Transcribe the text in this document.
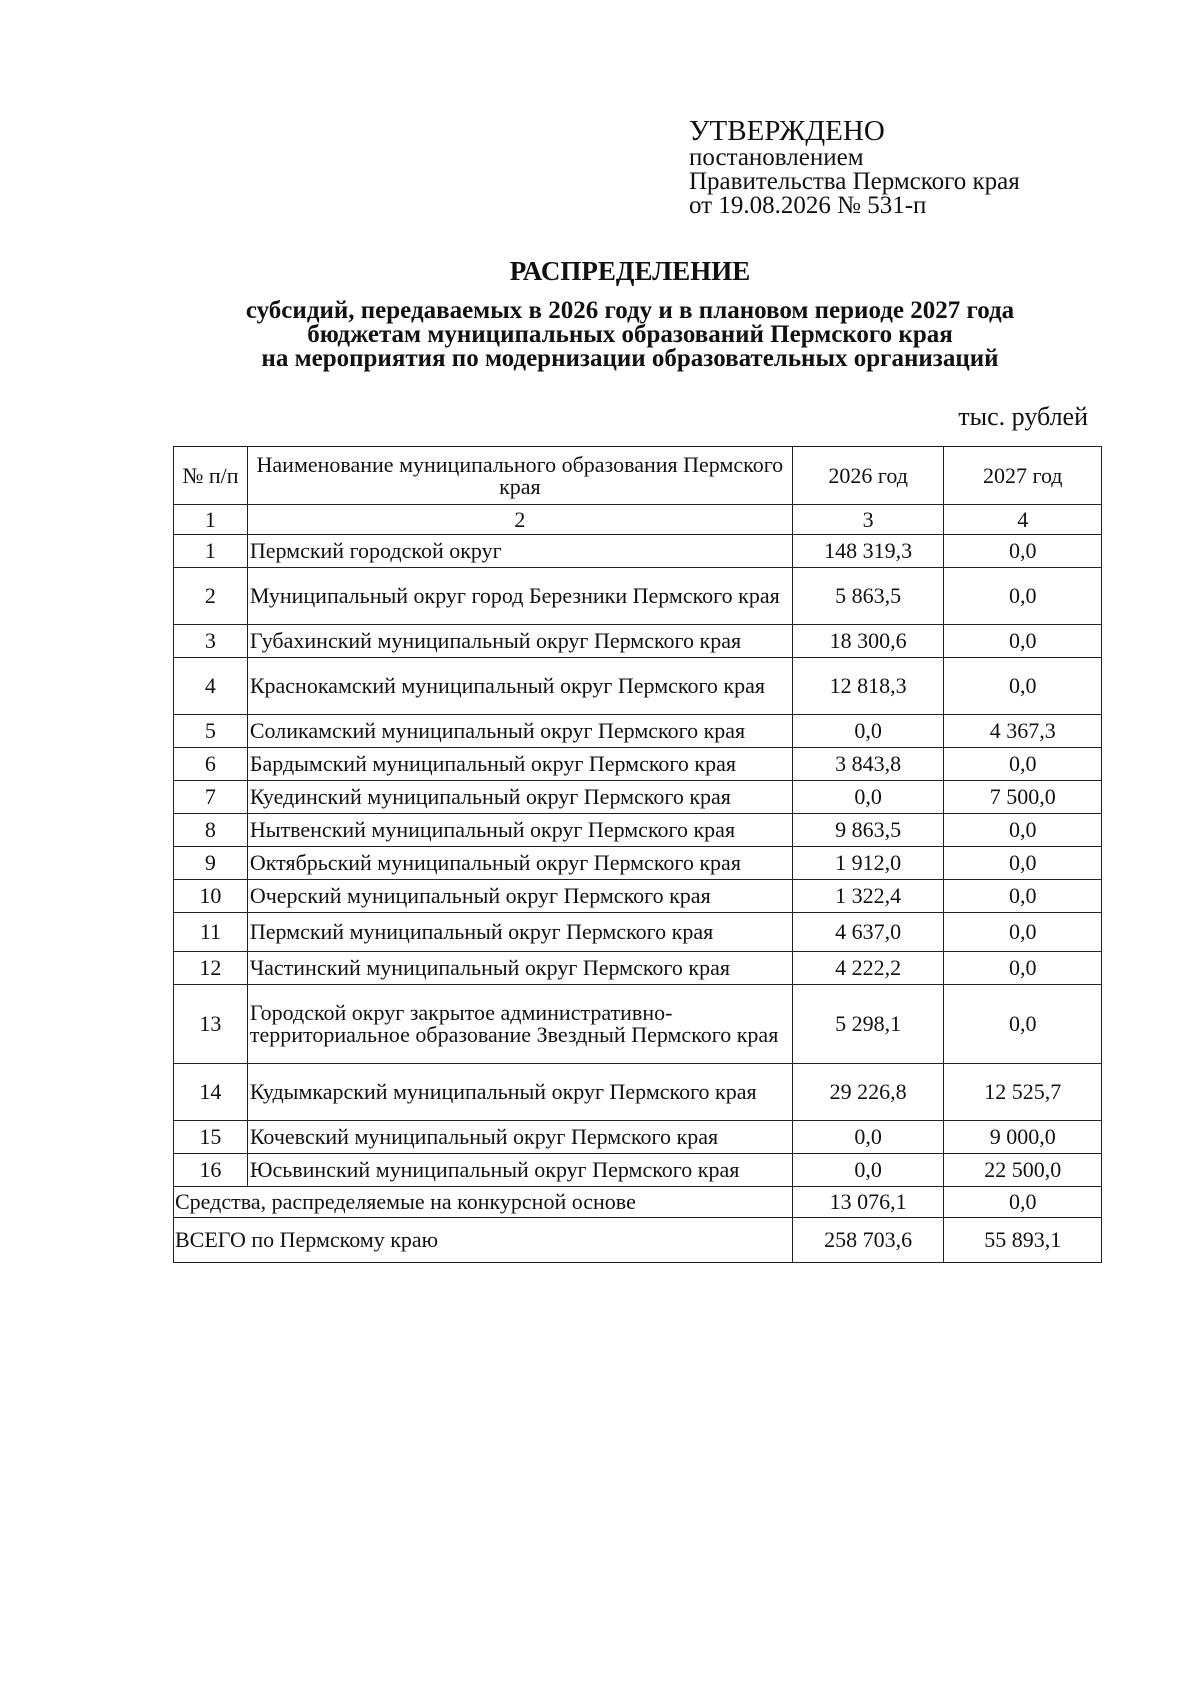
УТВЕРЖДЕНО
постановлением
Правительства Пермского края
от 19.08.2026 № 531-п
РАСПРЕДЕЛЕНИЕ
субсидий, передаваемых в 2026 году и в плановом периоде 2027 года
бюджетам муниципальных образований Пермского края
на мероприятия по модернизации образовательных организаций
тыс. рублей
№ п/п	Наименование муниципального образования Пермского края	2026 год	2027 год
1	2	3	4
1	Пермский городской округ	148 319,3	0,0
2	Муниципальный округ город Березники Пермского края	5 863,5	0,0
3	Губахинский муниципальный округ Пермского края	18 300,6	0,0
4	Краснокамский муниципальный округ Пермского края	12 818,3	0,0
5	Соликамский муниципальный округ Пермского края	0,0	4 367,3
6	Бардымский муниципальный округ Пермского края	3 843,8	0,0
7	Куединский муниципальный округ Пермского края	0,0	7 500,0
8	Нытвенский муниципальный округ Пермского края	9 863,5	0,0
9	Октябрьский муниципальный округ Пермского края	1 912,0	0,0
10	Очерский муниципальный округ Пермского края	1 322,4	0,0
11	Пермский муниципальный округ Пермского края	4 637,0	0,0
12	Частинский муниципальный округ Пермского края	4 222,2	0,0
13	Городской округ закрытое административно-территориальное образование Звездный Пермского края	5 298,1	0,0
14	Кудымкарский муниципальный округ Пермского края	29 226,8	12 525,7
15	Кочевский муниципальный округ Пермского края	0,0	9 000,0
16	Юсьвинский муниципальный округ Пермского края	0,0	22 500,0
Средства, распределяемые на конкурсной основе		13 076,1	0,0
ВСЕГО по Пермскому краю		258 703,6	55 893,1
